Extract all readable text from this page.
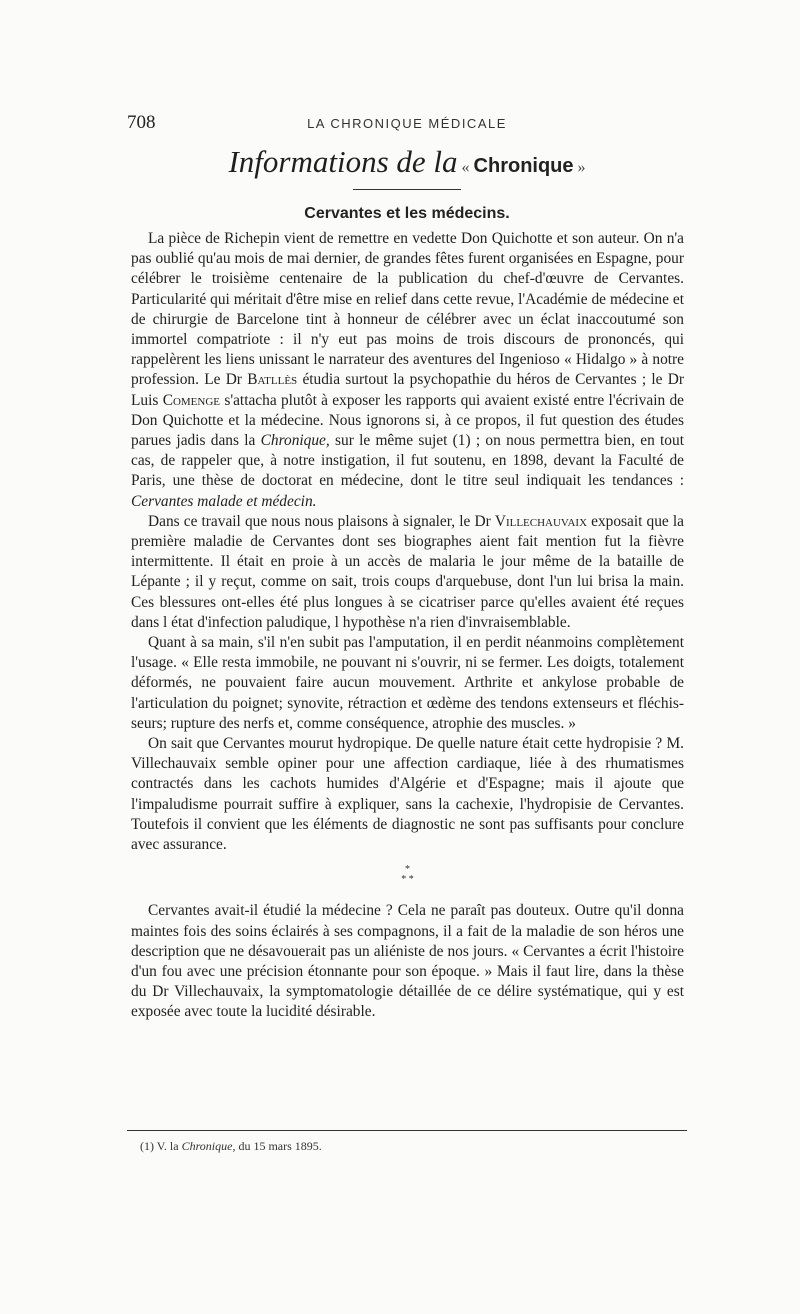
708	LA CHRONIQUE MÉDICALE
Informations de la « Chronique »
Cervantes et les médecins.

La pièce de Richepin vient de remettre en vedette Don Quichotte et son auteur. On n'a pas oublié qu'au mois de mai dernier, de grandes fêtes furent organisées en Espagne, pour célébrer le troisième centenaire de la publication du chef-d'œuvre de Cervantes. Particularité qui méritait d'être mise en relief dans cette revue, l'Académie de médecine et de chirurgie de Barcelone tint à honneur de célébrer avec un éclat inaccoutumé son immortel compatriote : il n'y eut pas moins de trois discours de prononcés, qui rappelèrent les liens unissant le narrateur des aventures del Ingenioso « Hidalgo » à notre profession. Le Dr Batllès étudia surtout la psychopathie du héros de Cervantes ; le Dr Luis Comenge s'attacha plutôt à exposer les rapports qui avaient existé entre l'écrivain de Don Quichotte et la médecine. Nous ignorons si, à ce propos, il fut question des études parues jadis dans la Chronique, sur le même sujet (1) ; on nous permettra bien, en tout cas, de rappeler que, à notre instigation, il fut soutenu, en 1898, devant la Faculté de Paris, une thèse de doctorat en médecine, dont le titre seul indiquait les tendances : Cervantes malade et médecin.

Dans ce travail que nous nous plaisons à signaler, le Dr Villechauvaix exposait que la première maladie de Cervantes dont ses biographes aient fait mention fut la fièvre intermittente. Il était en proie à un accès de malaria le jour même de la bataille de Lépante ; il y reçut, comme on sait, trois coups d'arquebuse, dont l'un lui brisa la main. Ces blessures ont-elles été plus longues à se cicatriser parce qu'elles avaient été reçues dans l état d'infection paludique, l hypothèse n'a rien d'invraisemblable.

Quant à sa main, s'il n'en subit pas l'amputation, il en perdit néanmoins complètement l'usage. « Elle resta immobile, ne pouvant ni s'ouvrir, ni se fermer. Les doigts, totalement déformés, ne pouvaient faire aucun mouvement. Arthrite et ankylose probable de l'articulation du poignet; synovite, rétraction et œdème des tendons extenseurs et fléchisseurs; rupture des nerfs et, comme conséquence, atrophie des muscles. »

On sait que Cervantes mourut hydropique. De quelle nature était cette hydropisie ? M. Villechauvaix semble opiner pour une affection cardiaque, liée à des rhumatismes contractés dans les cachots humides d'Algérie et d'Espagne; mais il ajoute que l'impaludisme pourrait suffire à expliquer, sans la cachexie, l'hydropisie de Cervantes. Toutefois il convient que les éléments de diagnostic ne sont pas suffisants pour conclure avec assurance.

*
* *

Cervantes avait-il étudié la médecine ? Cela ne paraît pas douteux. Outre qu'il donna maintes fois des soins éclairés à ses compagnons, il a fait de la maladie de son héros une description que ne désavouerait pas un aliéniste de nos jours. « Cervantes a écrit l'histoire d'un fou avec une précision étonnante pour son époque. » Mais il faut lire, dans la thèse du Dr Villechauvaix, la symptomatologie détaillée de ce délire systématique, qui y est exposée avec toute la lucidité désirable.

(1) V. la Chronique, du 15 mars 1895.
